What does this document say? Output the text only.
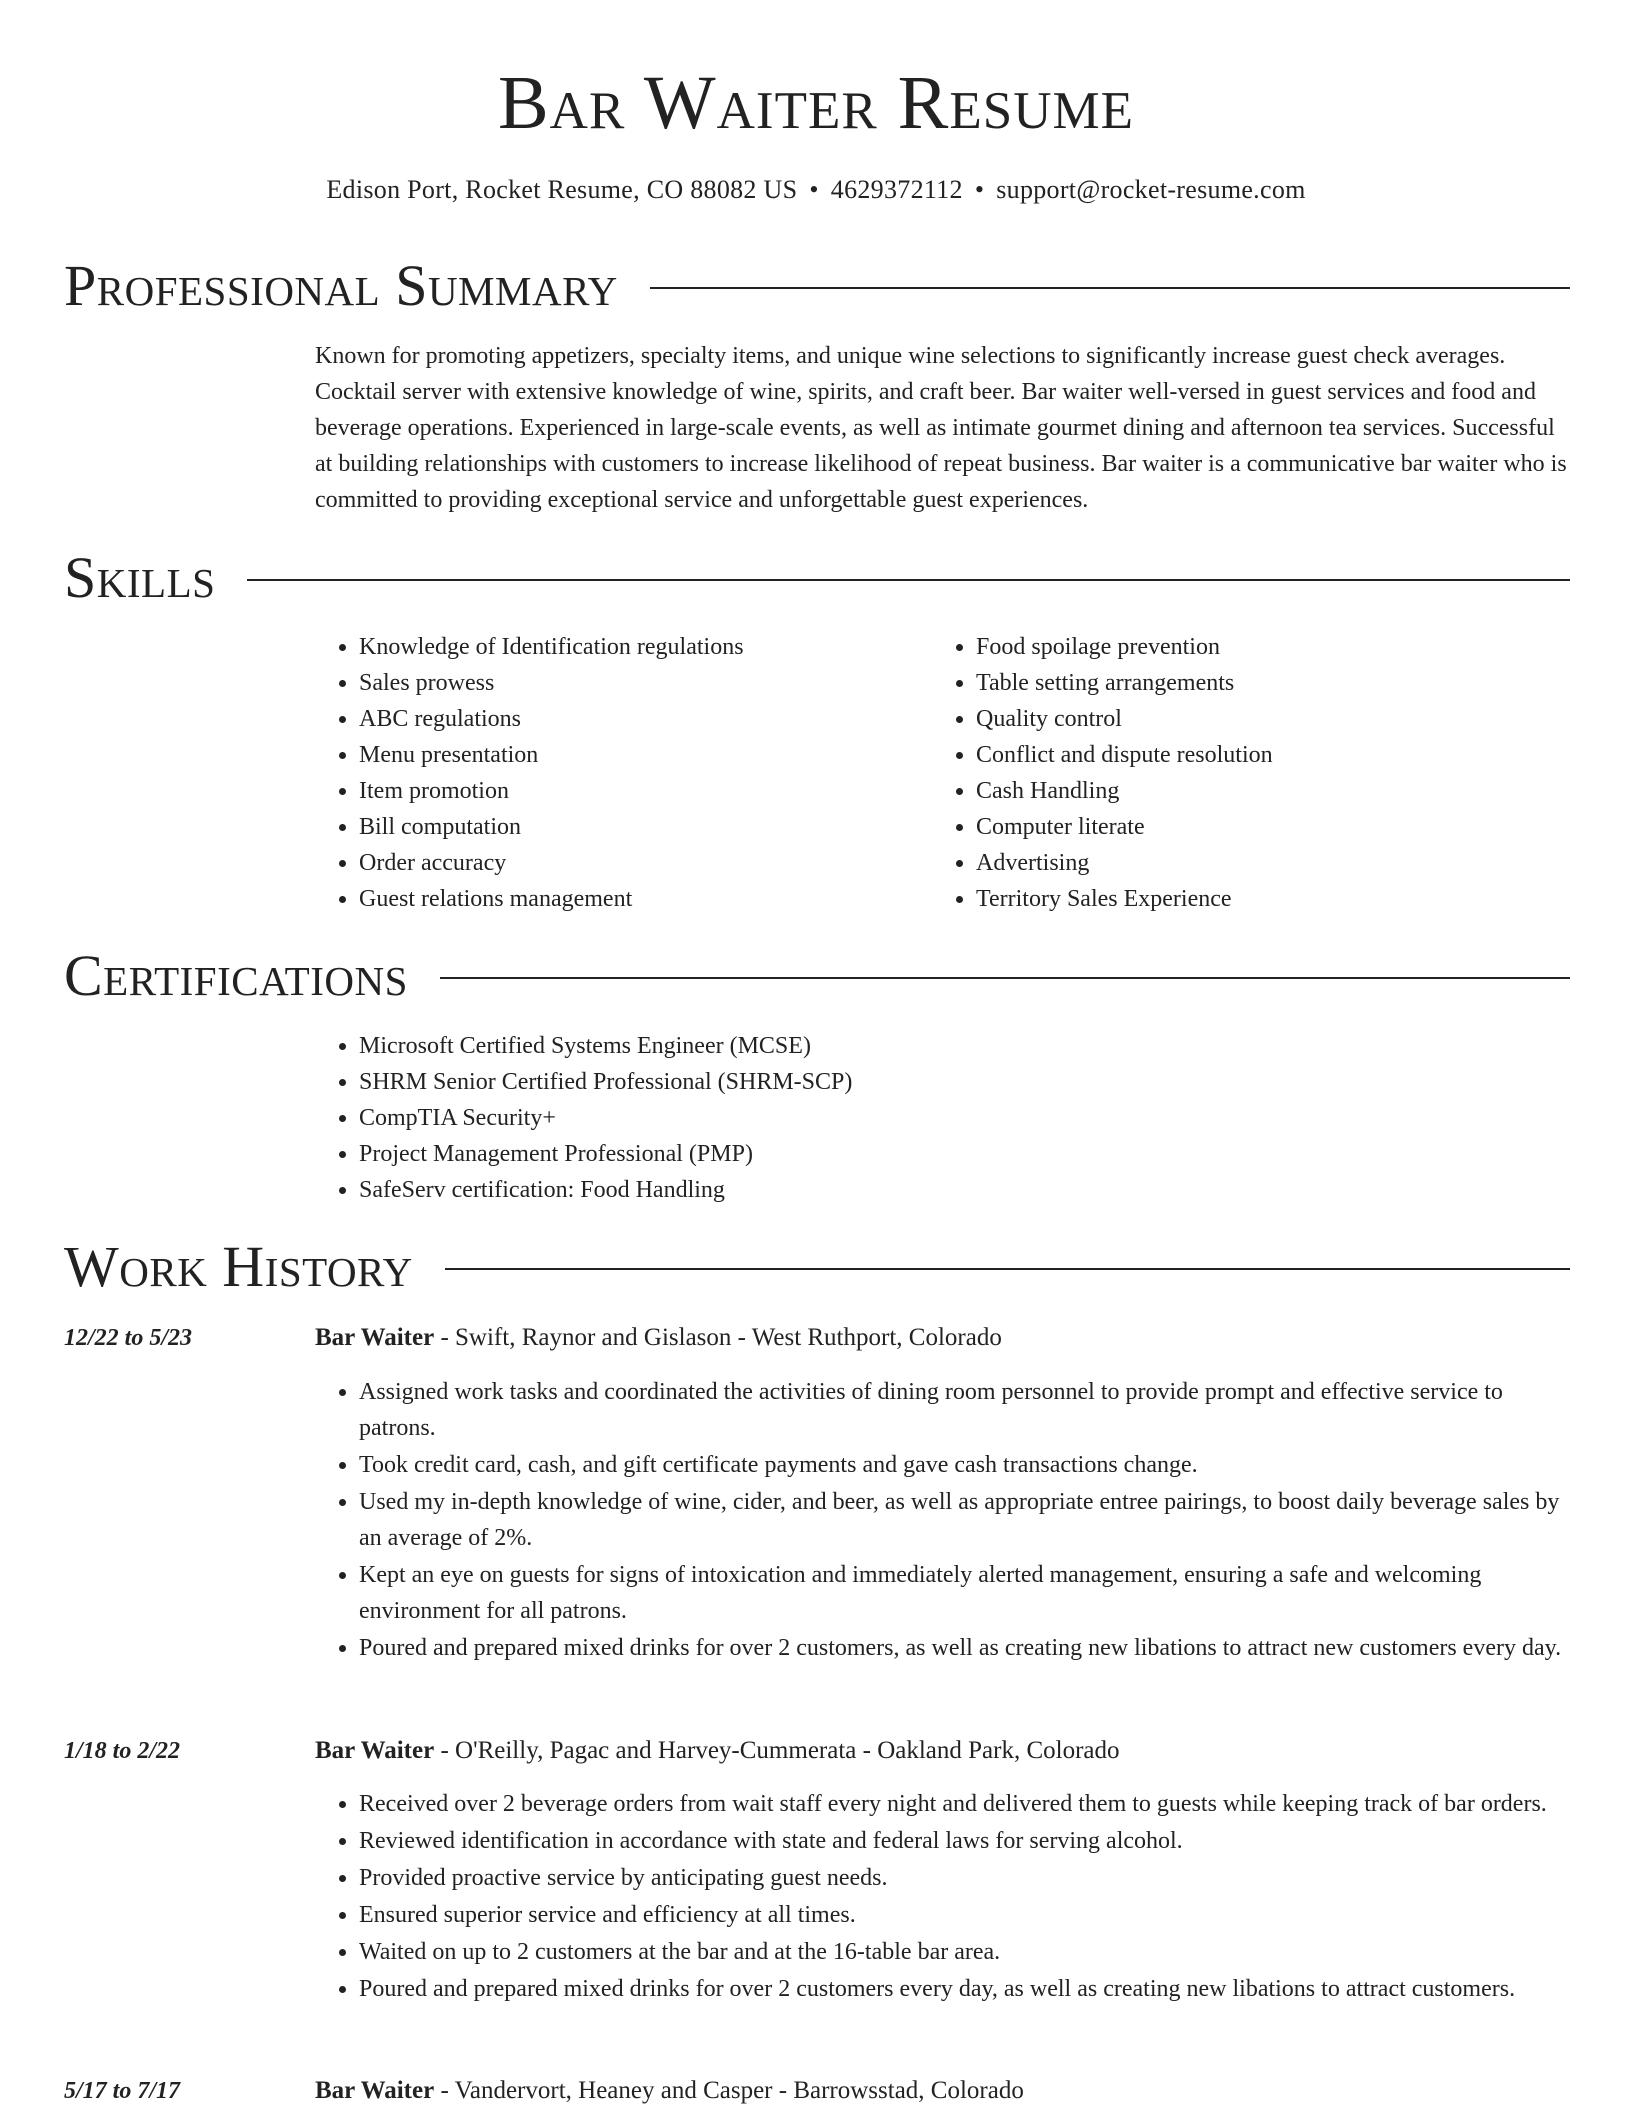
Bar Waiter Resume
Edison Port, Rocket Resume, CO 88082 US • 4629372112 • support@rocket-resume.com
Professional Summary

Known for promoting appetizers, specialty items, and unique wine selections to significantly increase guest check averages. Cocktail server with extensive knowledge of wine, spirits, and craft beer. Bar waiter well-versed in guest services and food and beverage operations. Experienced in large-scale events, as well as intimate gourmet dining and afternoon tea services. Successful at building relationships with customers to increase likelihood of repeat business. Bar waiter is a communicative bar waiter who is committed to providing exceptional service and unforgettable guest experiences.

Skills
• Knowledge of Identification regulations
• Sales prowess
• ABC regulations
• Menu presentation
• Item promotion
• Bill computation
• Order accuracy
• Guest relations management
• Food spoilage prevention
• Table setting arrangements
• Quality control
• Conflict and dispute resolution
• Cash Handling
• Computer literate
• Advertising
• Territory Sales Experience
Certifications
• Microsoft Certified Systems Engineer (MCSE)
• SHRM Senior Certified Professional (SHRM-SCP)
• CompTIA Security+
• Project Management Professional (PMP)
• SafeServ certification: Food Handling
Work History
12/22 to 5/23	Bar Waiter - Swift, Raynor and Gislason - West Ruthport, Colorado
• Assigned work tasks and coordinated the activities of dining room personnel to provide prompt and effective service to patrons.
• Took credit card, cash, and gift certificate payments and gave cash transactions change.
• Used my in-depth knowledge of wine, cider, and beer, as well as appropriate entree pairings, to boost daily beverage sales by an average of 2%.
• Kept an eye on guests for signs of intoxication and immediately alerted management, ensuring a safe and welcoming environment for all patrons.
• Poured and prepared mixed drinks for over 2 customers, as well as creating new libations to attract new customers every day.
1/18 to 2/22	Bar Waiter - O'Reilly, Pagac and Harvey-Cummerata - Oakland Park, Colorado
• Received over 2 beverage orders from wait staff every night and delivered them to guests while keeping track of bar orders.
• Reviewed identification in accordance with state and federal laws for serving alcohol.
• Provided proactive service by anticipating guest needs.
• Ensured superior service and efficiency at all times.
• Waited on up to 2 customers at the bar and at the 16-table bar area.
• Poured and prepared mixed drinks for over 2 customers every day, as well as creating new libations to attract customers.
5/17 to 7/17	Bar Waiter - Vandervort, Heaney and Casper - Barrowsstad, Colorado
